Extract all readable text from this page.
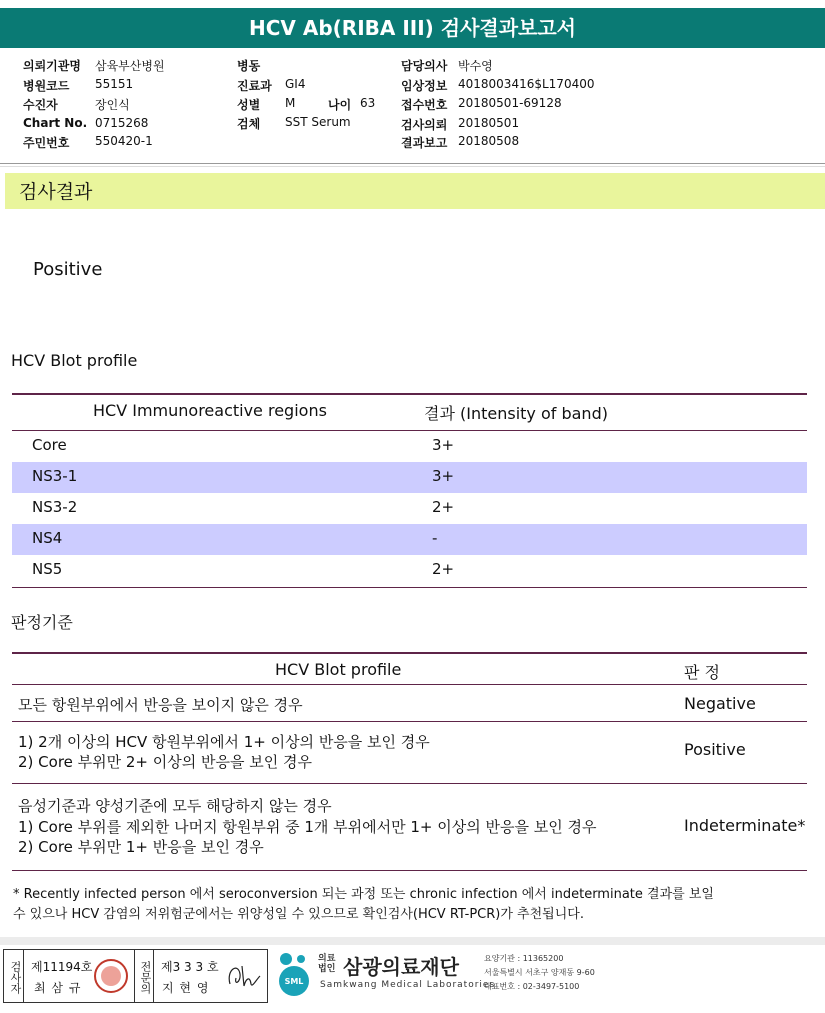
HCV Ab(RIBA III) 검사결과보고서
의뢰기관명 삼육부산병원
병원코드 55151
수진자	장인식
Chart No. 0715268
주민번호 550420-1
병동
진료과 GI4
성별 M	나이 63
검체 SST Serum
담당의사 박수영
임상정보 4018003416$L170400
접수번호 20180501-69128
검사의뢰 20180501
결과보고 20180508
검사결과
Positive
HCV Blot profile
HCV Immunoreactive regions	결과 (Intensity of band)
Core	3+
NS3-1	3+
NS3-2	2+
NS4	-
NS5	2+
판정기준
HCV Blot profile	판 정
모든 항원부위에서 반응을 보이지 않은 경우	Negative
1) 2개 이상의 HCV 항원부위에서 1+ 이상의 반응을 보인 경우
2) Core 부위만 2+ 이상의 반응을 보인 경우
Positive
음성기준과 양성기준에 모두 해당하지 않는 경우
1) Core 부위를 제외한 나머지 항원부위 중 1개 부위에서만 1+ 이상의 반응을 보인 경우
2) Core 부위만 1+ 반응을 보인 경우
Indeterminate*
* Recently infected person 에서 seroconversion 되는 과정 또는 chronic infection 에서 indeterminate 결과를 보일
수 있으나 HCV 감염의 저위험군에서는 위양성일 수 있으므로 확인검사(HCV RT-PCR)가 추천됩니다.
검사자 제11194호
최 삼 규	전문의 제3 3 3 호
지 현 영	SML
의료법인 삼광의료재단
Samkwang Medical Laboratories
요양기관 : 11365200
서울특별시 서초구 양재동 9-60
대표번호 : 02-3497-5100
